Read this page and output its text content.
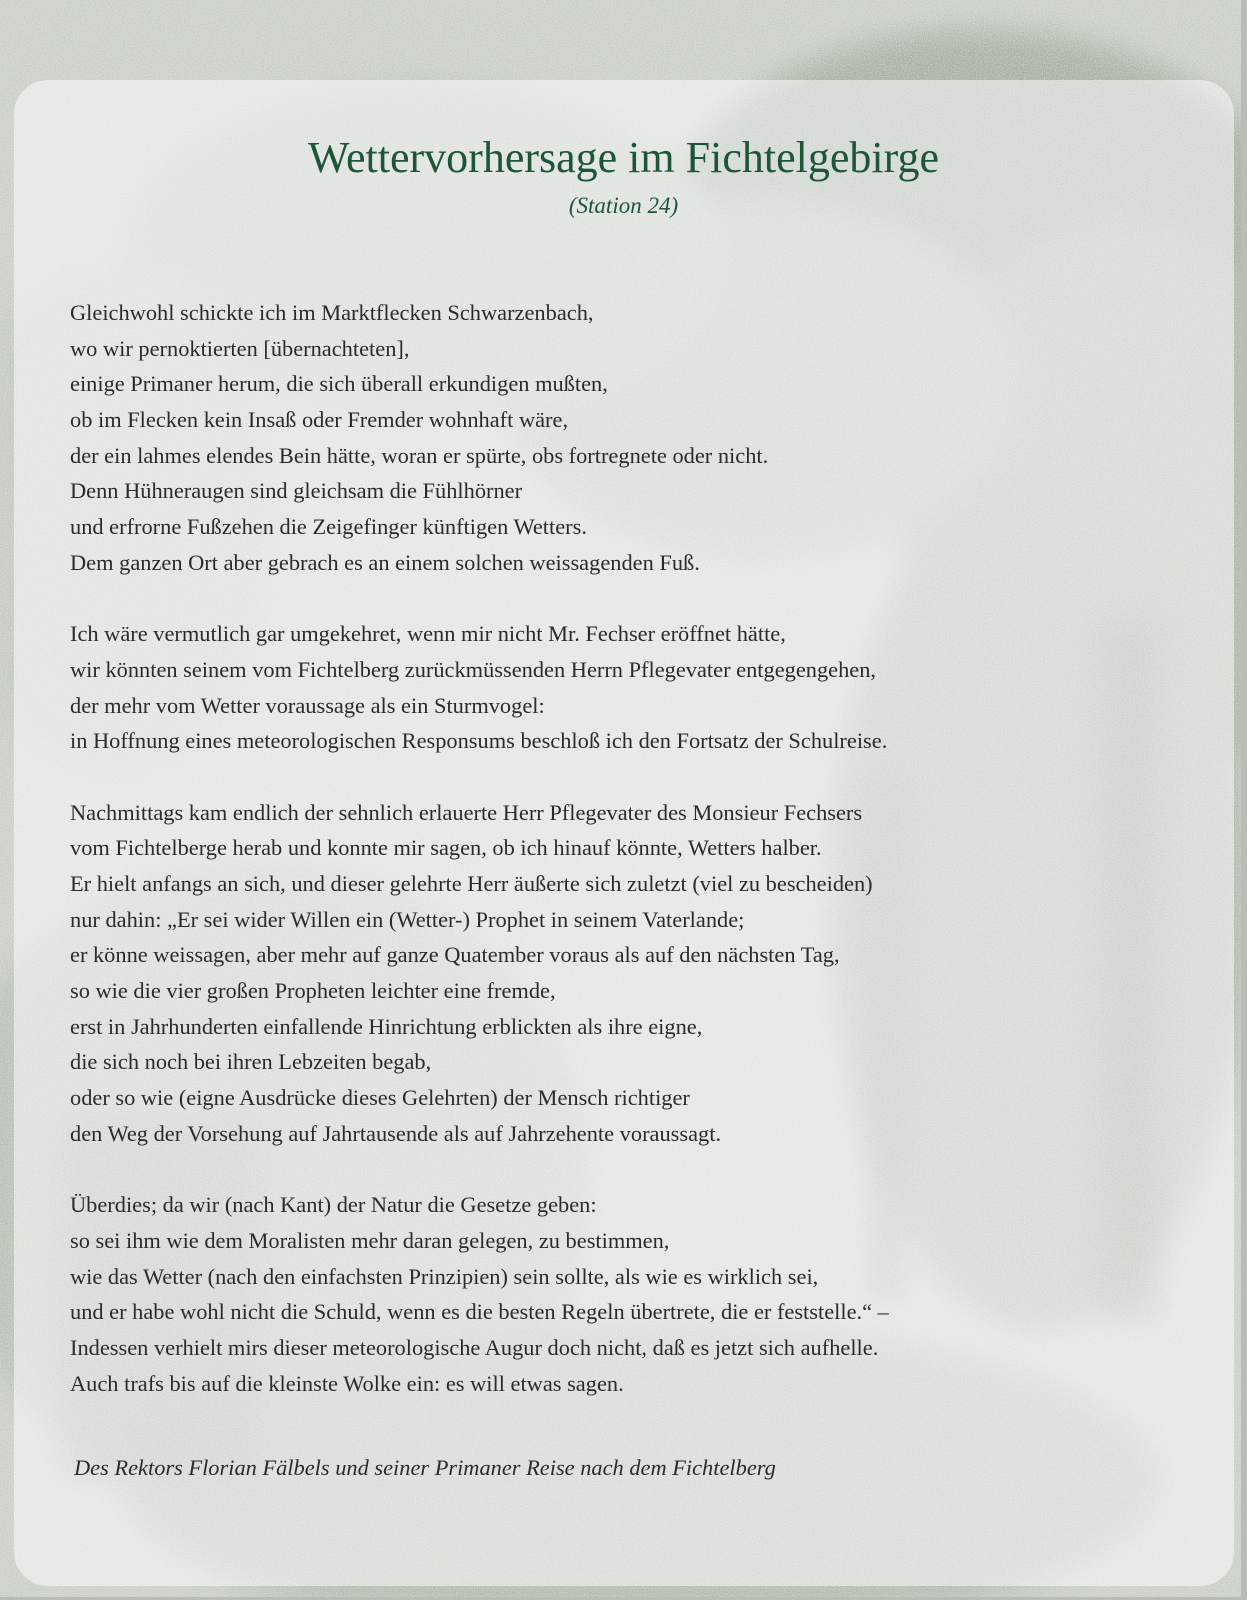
Wettervorhersage im Fichtelgebirge
(Station 24)
Gleichwohl schickte ich im Marktflecken Schwarzenbach,
wo wir pernoktierten [übernachteten],
einige Primaner herum, die sich überall erkundigen mußten,
ob im Flecken kein Insaß oder Fremder wohnhaft wäre,
der ein lahmes elendes Bein hätte, woran er spürte, obs fortregnete oder nicht.
Denn Hühneraugen sind gleichsam die Fühlhörner
und erfrorne Fußzehen die Zeigefinger künftigen Wetters.
Dem ganzen Ort aber gebrach es an einem solchen weissagenden Fuß.
Ich wäre vermutlich gar umgekehret, wenn mir nicht Mr. Fechser eröffnet hätte,
wir könnten seinem vom Fichtelberg zurückmüssenden Herrn Pflegevater entgegengehen,
der mehr vom Wetter voraussage als ein Sturmvogel:
in Hoffnung eines meteorologischen Responsums beschloß ich den Fortsatz der Schulreise.
Nachmittags kam endlich der sehnlich erlauerte Herr Pflegevater des Monsieur Fechsers
vom Fichtelberge herab und konnte mir sagen, ob ich hinauf könnte, Wetters halber.
Er hielt anfangs an sich, und dieser gelehrte Herr äußerte sich zuletzt (viel zu bescheiden)
nur dahin: „Er sei wider Willen ein (Wetter-) Prophet in seinem Vaterlande;
er könne weissagen, aber mehr auf ganze Quatember voraus als auf den nächsten Tag,
so wie die vier großen Propheten leichter eine fremde,
erst in Jahrhunderten einfallende Hinrichtung erblickten als ihre eigne,
die sich noch bei ihren Lebzeiten begab,
oder so wie (eigne Ausdrücke dieses Gelehrten) der Mensch richtiger
den Weg der Vorsehung auf Jahrtausende als auf Jahrzehente voraussagt.
Überdies; da wir (nach Kant) der Natur die Gesetze geben:
so sei ihm wie dem Moralisten mehr daran gelegen, zu bestimmen,
wie das Wetter (nach den einfachsten Prinzipien) sein sollte, als wie es wirklich sei,
und er habe wohl nicht die Schuld, wenn es die besten Regeln übertrete, die er feststelle.“ –
Indessen verhielt mirs dieser meteorologische Augur doch nicht, daß es jetzt sich aufhelle.
Auch trafs bis auf die kleinste Wolke ein: es will etwas sagen.
Des Rektors Florian Fälbels und seiner Primaner Reise nach dem Fichtelberg
